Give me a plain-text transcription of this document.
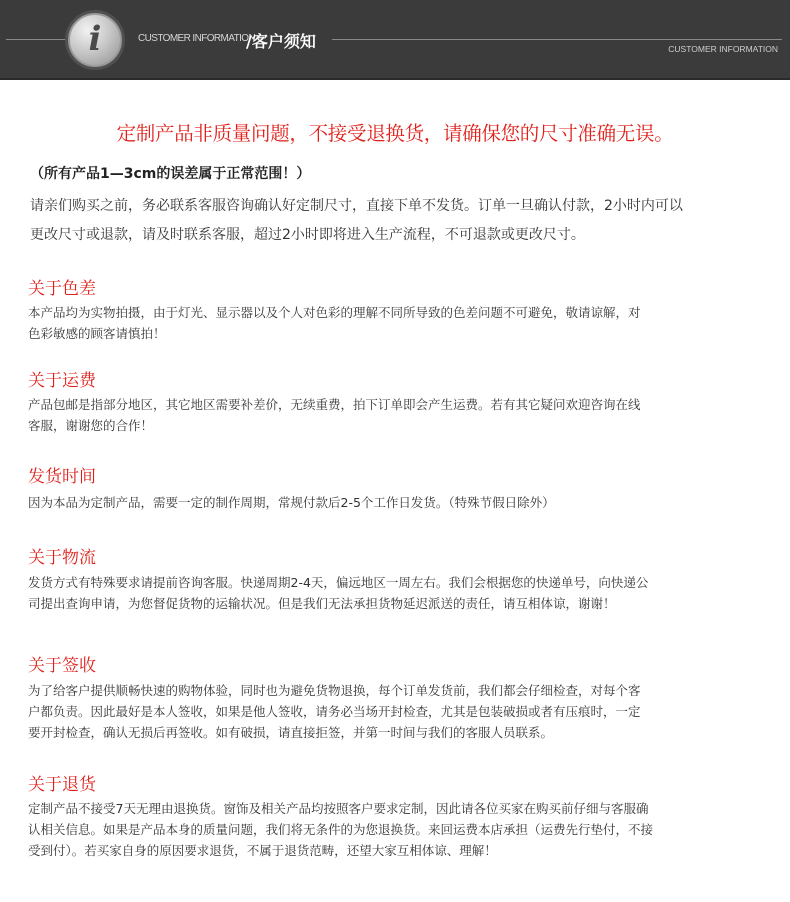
i	CUSTOMER INFORMATION
/客户须知	CUSTOMER INFORMATION
定制产品非质量问题，不接受退换货，请确保您的尺寸准确无误。
（所有产品1—3cm的误差属于正常范围！）
请亲们购买之前，务必联系客服咨询确认好定制尺寸，直接下单不发货。订单一旦确认付款，2小时内可以
更改尺寸或退款，请及时联系客服，超过2小时即将进入生产流程，不可退款或更改尺寸。
关于色差
本产品均为实物拍摄，由于灯光、显示器以及个人对色彩的理解不同所导致的色差问题不可避免，敬请谅解，对
色彩敏感的顾客请慎拍！
关于运费
产品包邮是指部分地区，其它地区需要补差价，无续重费，拍下订单即会产生运费。若有其它疑问欢迎咨询在线
客服，谢谢您的合作！
发货时间
因为本品为定制产品，需要一定的制作周期，常规付款后2-5个工作日发货。（特殊节假日除外）
关于物流
发货方式有特殊要求请提前咨询客服。快递周期2-4天，偏远地区一周左右。我们会根据您的快递单号，向快递公
司提出查询申请，为您督促货物的运输状况。但是我们无法承担货物延迟派送的责任，请互相体谅，谢谢！
关于签收
为了给客户提供顺畅快速的购物体验，同时也为避免货物退换，每个订单发货前，我们都会仔细检查，对每个客
户都负责。因此最好是本人签收，如果是他人签收，请务必当场开封检查，尤其是包装破损或者有压痕时，一定
要开封检查，确认无损后再签收。如有破损，请直接拒签，并第一时间与我们的客服人员联系。
关于退货
定制产品不接受7天无理由退换货。窗饰及相关产品均按照客户要求定制，因此请各位买家在购买前仔细与客服确
认相关信息。如果是产品本身的质量问题，我们将无条件的为您退换货。来回运费本店承担（运费先行垫付，不接
受到付）。若买家自身的原因要求退货，不属于退货范畴，还望大家互相体谅、理解！
